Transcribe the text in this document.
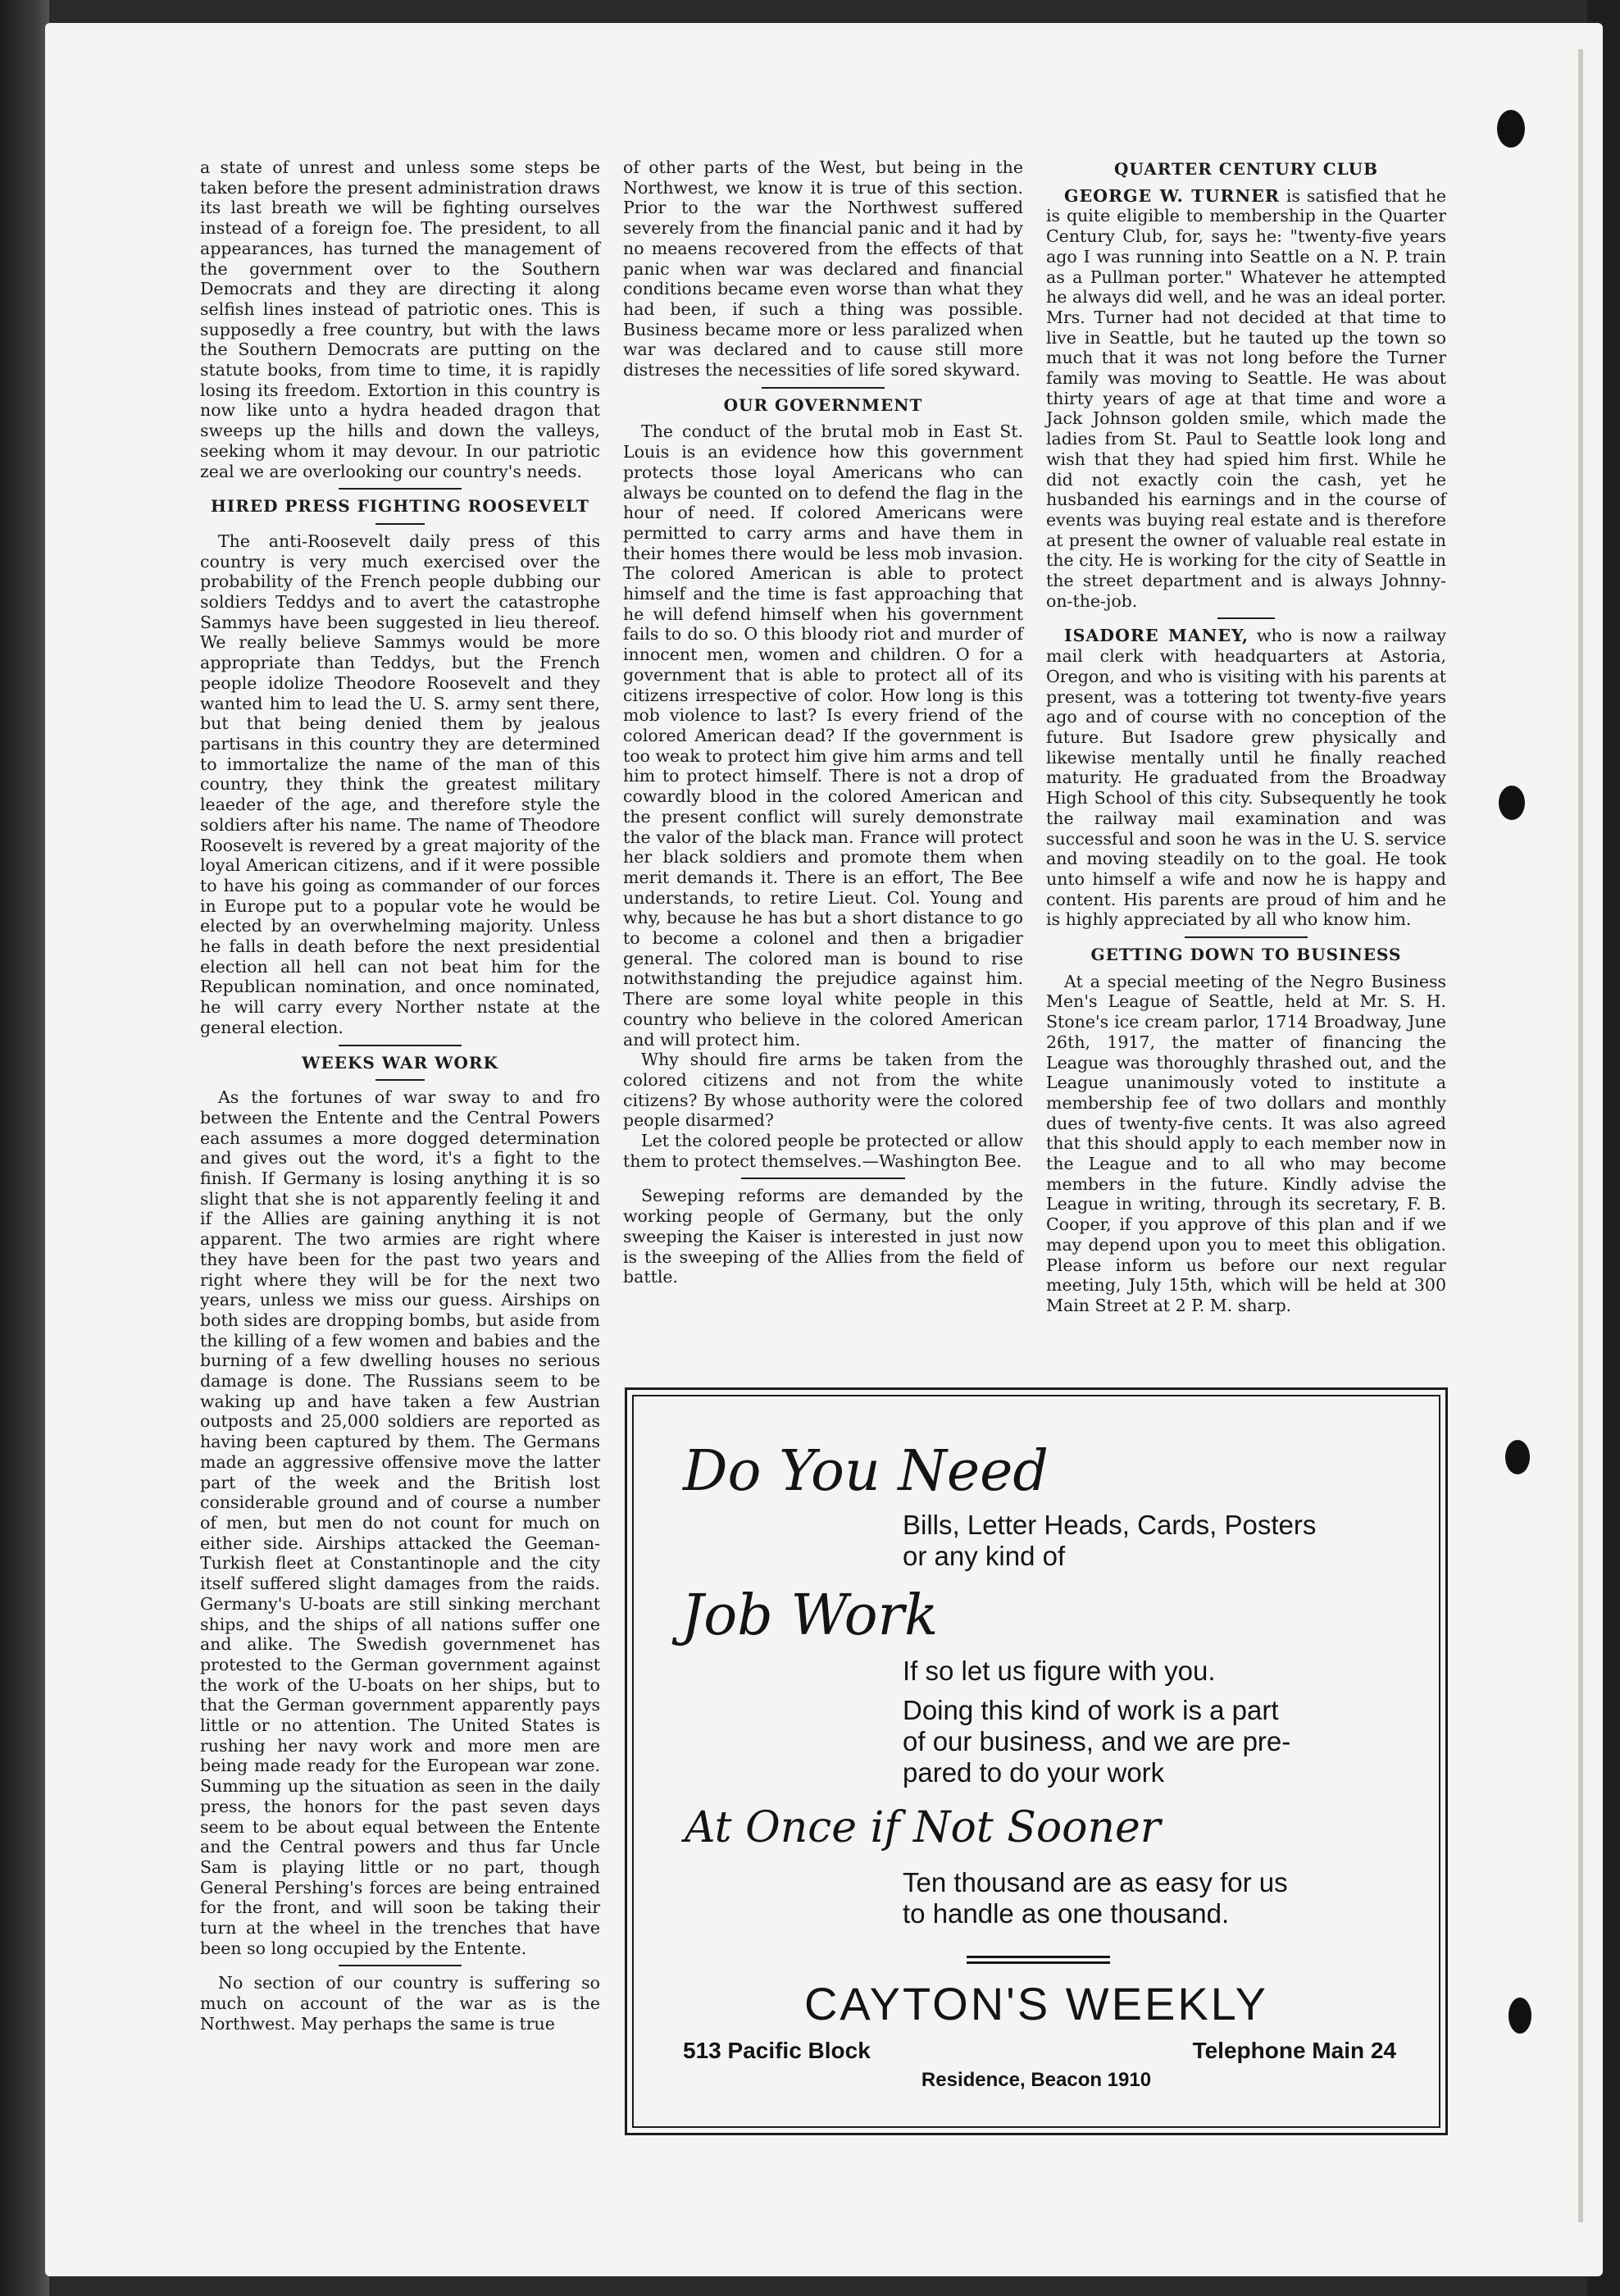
a state of unrest and unless some steps be taken before the present administration draws its last breath we will be fighting ourselves instead of a foreign foe. The president, to all appearances, has turned the management of the government over to the Southern Democrats and they are directing it along selfish lines instead of patriotic ones. This is supposedly a free country, but with the laws the Southern Democrats are putting on the statute books, from time to time, it is rapidly losing its freedom. Extortion in this country is now like unto a hydra headed dragon that sweeps up the hills and down the valleys, seeking whom it may devour. In our patriotic zeal we are overlooking our country's needs.

HIRED PRESS FIGHTING ROOSEVELT

The anti-Roosevelt daily press of this country is very much exercised over the probability of the French people dubbing our soldiers Teddys and to avert the catastrophe Sammys have been suggested in lieu thereof. We really believe Sammys would be more appropriate than Teddys, but the French people idolize Theodore Roosevelt and they wanted him to lead the U. S. army sent there, but that being denied them by jealous partisans in this country they are determined to immortalize the name of the man of this country, they think the greatest military leaeder of the age, and therefore style the soldiers after his name. The name of Theodore Roosevelt is revered by a great majority of the loyal American citizens, and if it were possible to have his going as commander of our forces in Europe put to a popular vote he would be elected by an overwhelming majority. Unless he falls in death before the next presidential election all hell can not beat him for the Republican nomination, and once nominated, he will carry every Norther nstate at the general election.

WEEKS WAR WORK

As the fortunes of war sway to and fro between the Entente and the Central Powers each assumes a more dogged determination and gives out the word, it's a fight to the finish. If Germany is losing anything it is so slight that she is not apparently feeling it and if the Allies are gaining anything it is not apparent. The two armies are right where they have been for the past two years and right where they will be for the next two years, unless we miss our guess. Airships on both sides are dropping bombs, but aside from the killing of a few women and babies and the burning of a few dwelling houses no serious damage is done. The Russians seem to be waking up and have taken a few Austrian outposts and 25,000 soldiers are reported as having been captured by them. The Germans made an aggressive offensive move the latter part of the week and the British lost considerable ground and of course a number of men, but men do not count for much on either side. Airships attacked the Geeman-Turkish fleet at Constantinople and the city itself suffered slight damages from the raids. Germany's U-boats are still sinking merchant ships, and the ships of all nations suffer one and alike. The Swedish governmenet has protested to the German government against the work of the U-boats on her ships, but to that the German government apparently pays little or no attention. The United States is rushing her navy work and more men are being made ready for the European war zone. Summing up the situation as seen in the daily press, the honors for the past seven days seem to be about equal between the Entente and the Central powers and thus far Uncle Sam is playing little or no part, though General Pershing's forces are being entrained for the front, and will soon be taking their turn at the wheel in the trenches that have been so long occupied by the Entente.

No section of our country is suffering so much on account of the war as is the Northwest. May perhaps the same is true

of other parts of the West, but being in the Northwest, we know it is true of this section. Prior to the war the Northwest suffered severely from the financial panic and it had by no meaens recovered from the effects of that panic when war was declared and financial conditions became even worse than what they had been, if such a thing was possible. Business became more or less paralized when war was declared and to cause still more distreses the necessities of life sored skyward.

OUR GOVERNMENT

The conduct of the brutal mob in East St. Louis is an evidence how this government protects those loyal Americans who can always be counted on to defend the flag in the hour of need. If colored Americans were permitted to carry arms and have them in their homes there would be less mob invasion. The colored American is able to protect himself and the time is fast approaching that he will defend himself when his government fails to do so. O this bloody riot and murder of innocent men, women and children. O for a government that is able to protect all of its citizens irrespective of color. How long is this mob violence to last? Is every friend of the colored American dead? If the government is too weak to protect him give him arms and tell him to protect himself. There is not a drop of cowardly blood in the colored American and the present conflict will surely demonstrate the valor of the black man. France will protect her black soldiers and promote them when merit demands it. There is an effort, The Bee understands, to retire Lieut. Col. Young and why, because he has but a short distance to go to become a colonel and then a brigadier general. The colored man is bound to rise notwithstanding the prejudice against him. There are some loyal white people in this country who believe in the colored American and will protect him.

Why should fire arms be taken from the colored citizens and not from the white citizens? By whose authority were the colored people disarmed?

Let the colored people be protected or allow them to protect themselves.—Washington Bee.

Seweping reforms are demanded by the working people of Germany, but the only sweeping the Kaiser is interested in just now is the sweeping of the Allies from the field of battle.

QUARTER CENTURY CLUB

GEORGE W. TURNER is satisfied that he is quite eligible to membership in the Quarter Century Club, for, says he: "twenty-five years ago I was running into Seattle on a N. P. train as a Pullman porter." Whatever he attempted he always did well, and he was an ideal porter. Mrs. Turner had not decided at that time to live in Seattle, but he tauted up the town so much that it was not long before the Turner family was moving to Seattle. He was about thirty years of age at that time and wore a Jack Johnson golden smile, which made the ladies from St. Paul to Seattle look long and wish that they had spied him first. While he did not exactly coin the cash, yet he husbanded his earnings and in the course of events was buying real estate and is therefore at present the owner of valuable real estate in the city. He is working for the city of Seattle in the street department and is always Johnny-on-the-job.

ISADORE MANEY, who is now a railway mail clerk with headquarters at Astoria, Oregon, and who is visiting with his parents at present, was a tottering tot twenty-five years ago and of course with no conception of the future. But Isadore grew physically and likewise mentally until he finally reached maturity. He graduated from the Broadway High School of this city. Subsequently he took the railway mail examination and was successful and soon he was in the U. S. service and moving steadily on to the goal. He took unto himself a wife and now he is happy and content. His parents are proud of him and he is highly appreciated by all who know him.

GETTING DOWN TO BUSINESS

At a special meeting of the Negro Business Men's League of Seattle, held at Mr. S. H. Stone's ice cream parlor, 1714 Broadway, June 26th, 1917, the matter of financing the League was thoroughly thrashed out, and the League unanimously voted to institute a membership fee of two dollars and monthly dues of twenty-five cents. It was also agreed that this should apply to each member now in the League and to all who may become members in the future. Kindly advise the League in writing, through its secretary, F. B. Cooper, if you approve of this plan and if we may depend upon you to meet this obligation. Please inform us before our next regular meeting, July 15th, which will be held at 300 Main Street at 2 P. M. sharp.

Do You Need
Bills, Letter Heads, Cards, Posters
or any kind of
Job Work
If so let us figure with you.
Doing this kind of work is a part
of our business, and we are pre-
pared to do your work
At Once if Not Sooner
Ten thousand are as easy for us
to handle as one thousand.
CAYTON'S WEEKLY
513 Pacific Block	Telephone Main 24
Residence, Beacon 1910
